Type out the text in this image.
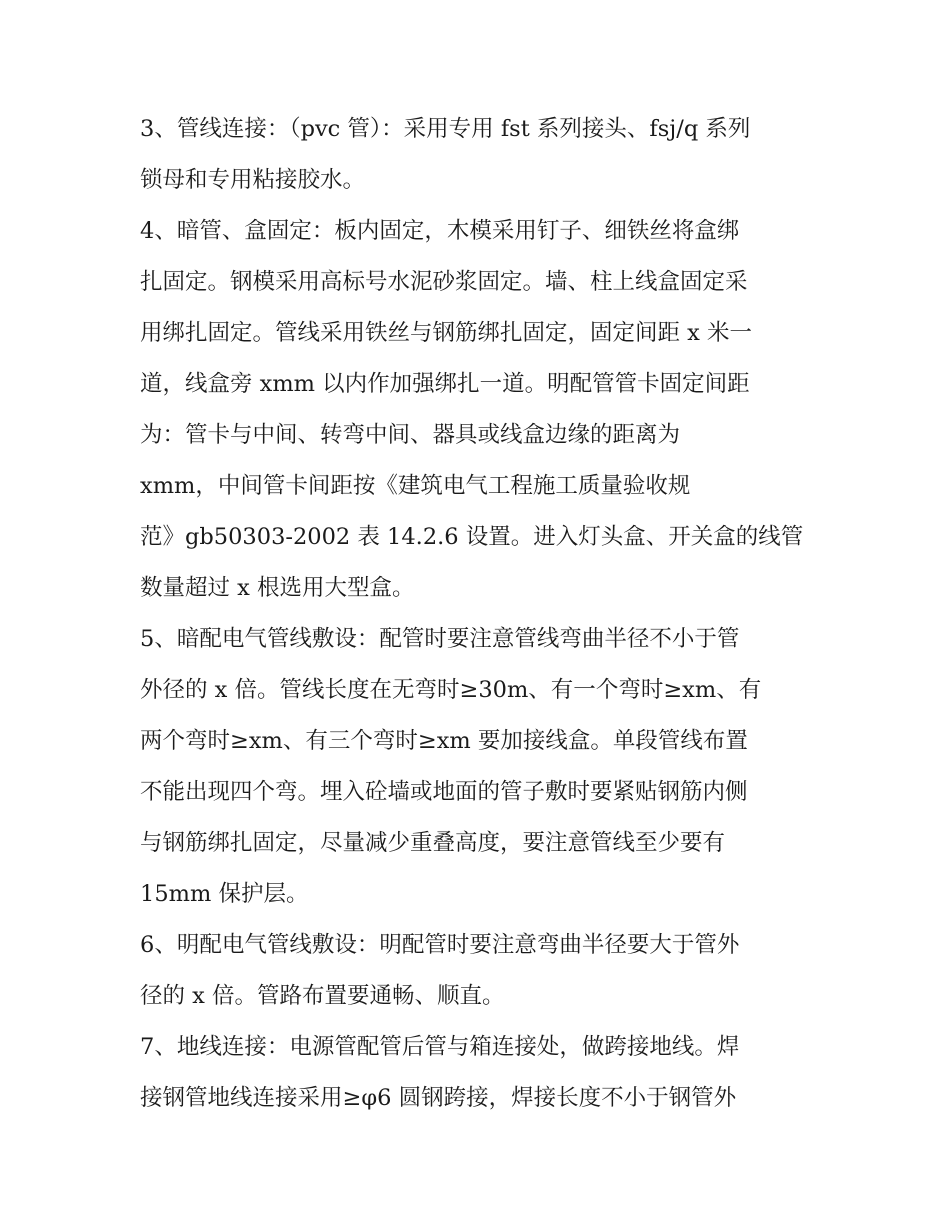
3、管线连接：（pvc 管）：采用专用 fst 系列接头、fsj/q 系列
锁母和专用粘接胶水。
4、暗管、盒固定：板内固定，木模采用钉子、细铁丝将盒绑
扎固定。钢模采用高标号水泥砂浆固定。墙、柱上线盒固定采
用绑扎固定。管线采用铁丝与钢筋绑扎固定，固定间距 x 米一
道，线盒旁 xmm 以内作加强绑扎一道。明配管管卡固定间距
为：管卡与中间、转弯中间、器具或线盒边缘的距离为
xmm，中间管卡间距按《建筑电气工程施工质量验收规
范》gb50303-2002 表 14.2.6 设置。进入灯头盒、开关盒的线管
数量超过 x 根选用大型盒。
5、暗配电气管线敷设：配管时要注意管线弯曲半径不小于管
外径的 x 倍。管线长度在无弯时≥30m、有一个弯时≥xm、有
两个弯时≥xm、有三个弯时≥xm 要加接线盒。单段管线布置
不能出现四个弯。埋入砼墙或地面的管子敷时要紧贴钢筋内侧
与钢筋绑扎固定，尽量减少重叠高度，要注意管线至少要有
15mm 保护层。
6、明配电气管线敷设：明配管时要注意弯曲半径要大于管外
径的 x 倍。管路布置要通畅、顺直。
7、地线连接：电源管配管后管与箱连接处，做跨接地线。焊
接钢管地线连接采用≥φ6 圆钢跨接，焊接长度不小于钢管外
